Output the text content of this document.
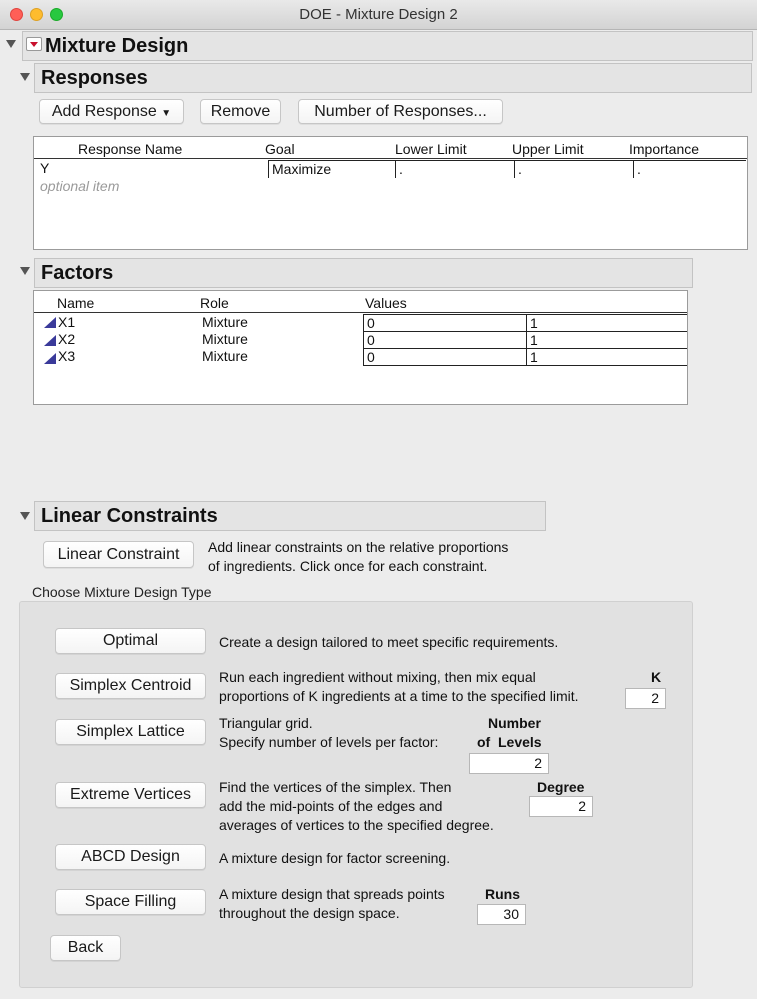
DOE - Mixture Design 2
Mixture Design
Responses
Add Response ▼	Remove	Number of Responses...
Response Name	Goal	Lower Limit	Upper Limit	Importance
Y	Maximize	.	.	.
optional item
Factors
Name	Role	Values
X1	Mixture	0	1
X2	Mixture	0	1
X3	Mixture	0	1
Linear Constraints
Linear Constraint	Add linear constraints on the relative proportions
of ingredients. Click once for each constraint.
Choose Mixture Design Type
Optimal	Create a design tailored to meet specific requirements.
Simplex Centroid	Run each ingredient without mixing, then mix equal
proportions of K ingredients at a time to the specified limit.
K
2
Simplex Lattice	Triangular grid.
Specify number of levels per factor:
Number
of  Levels
2
Extreme Vertices	Find the vertices of the simplex. Then
add the mid-points of the edges and
averages of vertices to the specified degree.
Degree
2
ABCD Design	A mixture design for factor screening.
Space Filling	A mixture design that spreads points
throughout the design space.
Runs
30
Back
